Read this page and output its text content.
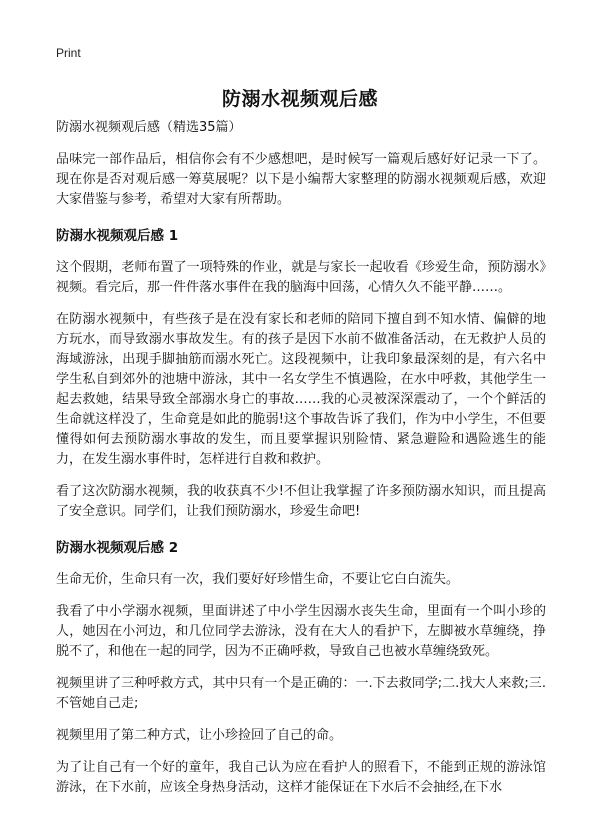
Print
防溺水视频观后感
防溺水视频观后感（精选35篇）

品味完一部作品后，相信你会有不少感想吧，是时候写一篇观后感好好记录一下了。现在你是否对观后感一筹莫展呢？以下是小编帮大家整理的防溺水视频观后感，欢迎大家借鉴与参考，希望对大家有所帮助。

防溺水视频观后感 1

这个假期，老师布置了一项特殊的作业，就是与家长一起收看《珍爱生命，预防溺水》视频。看完后，那一件件落水事件在我的脑海中回荡，心情久久不能平静……。

在防溺水视频中，有些孩子是在没有家长和老师的陪同下擅自到不知水情、偏僻的地方玩水，而导致溺水事故发生。有的孩子是因下水前不做准备活动，在无救护人员的海域游泳，出现手脚抽筋而溺水死亡。这段视频中，让我印象最深刻的是，有六名中学生私自到郊外的池塘中游泳，其中一名女学生不慎遇险，在水中呼救，其他学生一起去救她，结果导致全部溺水身亡的事故……我的心灵被深深震动了，一个个鲜活的生命就这样没了，生命竟是如此的脆弱!这个事故告诉了我们，作为中小学生，不但要懂得如何去预防溺水事故的发生，而且要掌握识别险情、紧急避险和遇险逃生的能力，在发生溺水事件时，怎样进行自救和救护。

看了这次防溺水视频，我的收获真不少!不但让我掌握了许多预防溺水知识，而且提高了安全意识。同学们，让我们预防溺水，珍爱生命吧!

防溺水视频观后感 2

生命无价，生命只有一次，我们要好好珍惜生命，不要让它白白流失。

我看了中小学溺水视频，里面讲述了中小学生因溺水丧失生命，里面有一个叫小珍的人，她因在小河边，和几位同学去游泳，没有在大人的看护下，左脚被水草缠绕，挣脱不了，和他在一起的同学，因为不正确呼救，导致自己也被水草缠绕致死。

视频里讲了三种呼救方式，其中只有一个是正确的：一.下去救同学;二.找大人来救;三.不管她自己走;

视频里用了第二种方式，让小珍捡回了自己的命。

为了让自己有一个好的童年，我自己认为应在看护人的照看下，不能到正规的游泳馆游泳，在下水前，应该全身热身活动，这样才能保证在下水后不会抽经,在下水
